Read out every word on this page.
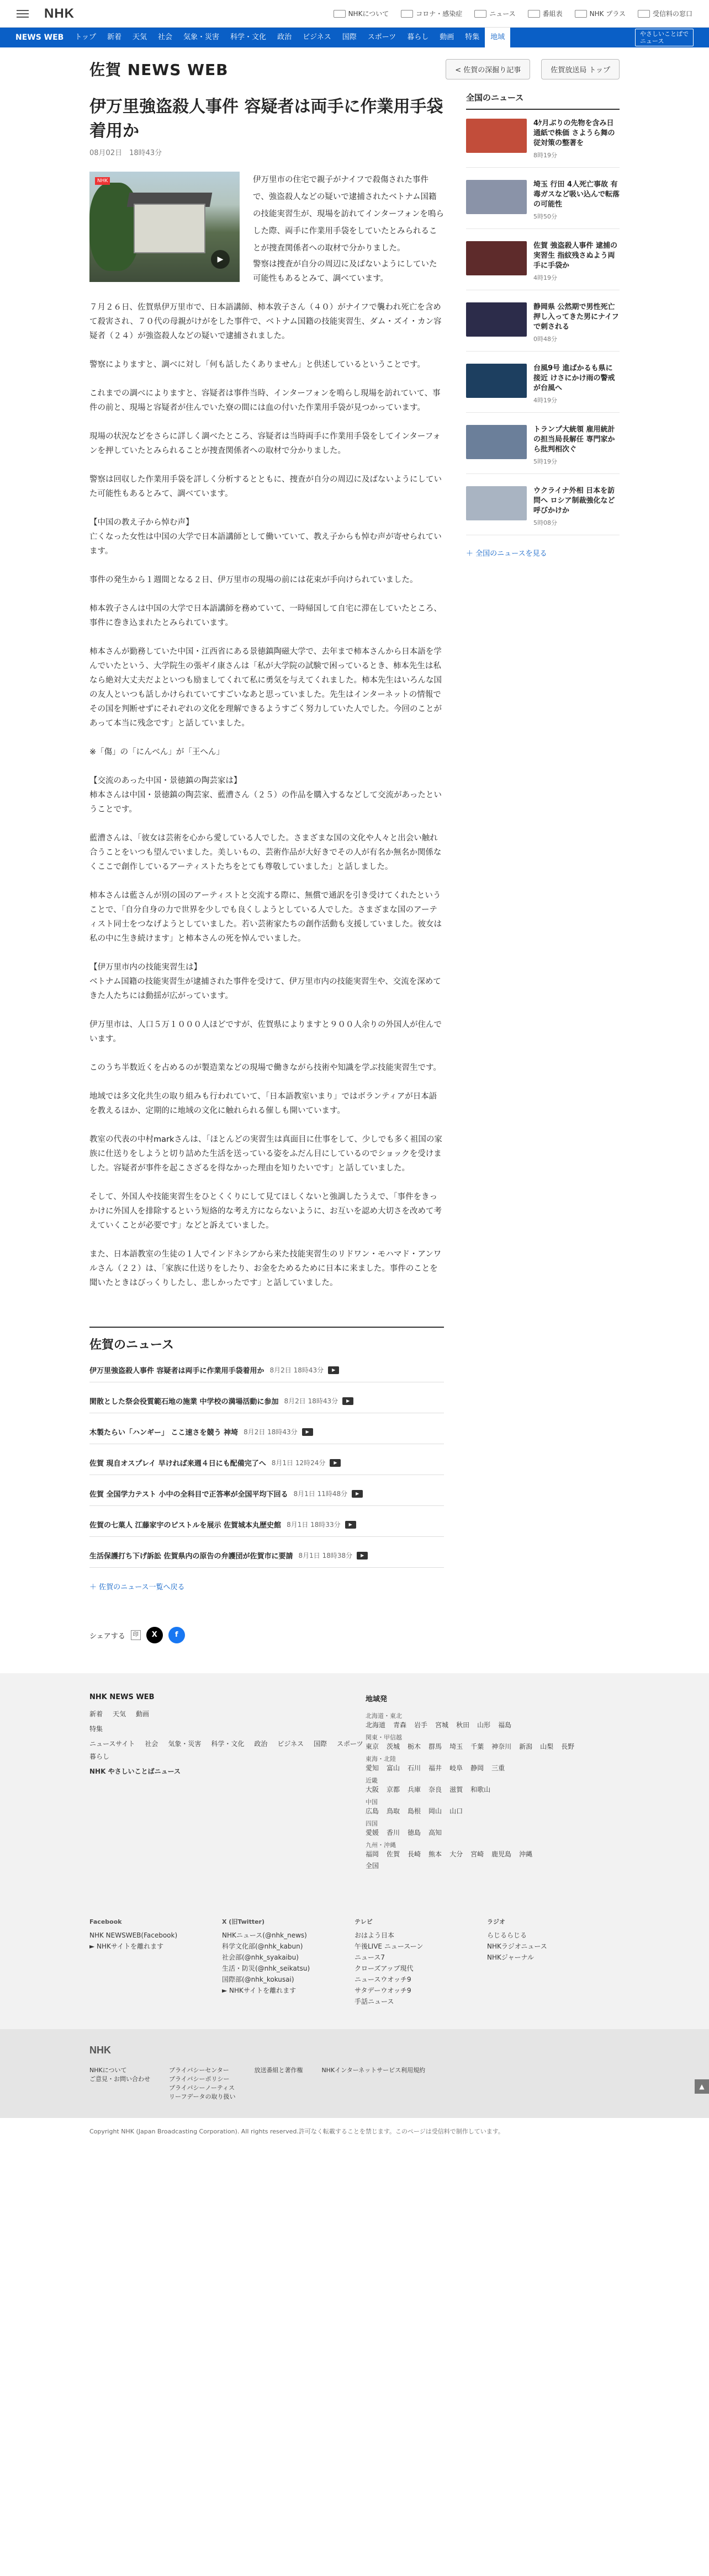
NHK	NHKについて	コロナ・感染症	ニュース	番組表	NHK プラス	受信料の窓口
NEWS WEB	トップ	新着	天気	社会	気象・災害	科学・文化	政治	ビジネス	国際	スポーツ	暮らし	動画	特集	地域	やさしいことばで
ニュース
佐賀 NEWS WEB	< 佐賀の深掘り記事	佐賀放送局 トップ
伊万里強盗殺人事件 容疑者は両手に作業用手袋着用か
08月02日　18時43分
NHK
▶

伊万里市の住宅で親子がナイフで殺傷された事件で、強盗殺人などの疑いで逮捕されたベトナム国籍の技能実習生が、現場を訪れてインターフォンを鳴らした際、両手に作業用手袋をしていたとみられることが捜査関係者への取材で分かりました。

警察は捜査が自分の周辺に及ばないようにしていた可能性もあるとみて、調べています。

７月２６日、佐賀県伊万里市で、日本語講師、柿本敦子さん（４０）がナイフで襲われ死亡を含めて殺害され、７０代の母親がけがをした事件で、ベトナム国籍の技能実習生、ダム・ズイ・カン容疑者（２４）が強盗殺人などの疑いで逮捕されました。

警察によりますと、調べに対し「何も話したくありません」と供述しているということです。

これまでの調べによりますと、容疑者は事件当時、インターフォンを鳴らし現場を訪れていて、事件の前と、現場と容疑者が住んでいた寮の間には血の付いた作業用手袋が見つかっています。

現場の状況などをさらに詳しく調べたところ、容疑者は当時両手に作業用手袋をしてインターフォンを押していたとみられることが捜査関係者への取材で分かりました。

警察は回収した作業用手袋を詳しく分析するとともに、捜査が自分の周辺に及ばないようにしていた可能性もあるとみて、調べています。

【中国の教え子から悼む声】
亡くなった女性は中国の大学で日本語講師として働いていて、教え子からも悼む声が寄せられています。

事件の発生から１週間となる２日、伊万里市の現場の前には花束が手向けられていました。

柿本敦子さんは中国の大学で日本語講師を務めていて、一時帰国して自宅に滞在していたところ、事件に巻き込まれたとみられています。

柿本さんが勤務していた中国・江西省にある景徳鎮陶磁大学で、去年まで柿本さんから日本語を学んでいたという、大学院生の張ギイ康さんは「私が大学院の試験で困っているとき、柿本先生は私なら絶対大丈夫だよといつも励ましてくれて私に勇気を与えてくれました。柿本先生はいろんな国の友人といつも話しかけられていてすごいなあと思っていました。先生はインターネットの情報でその国を判断せずにそれぞれの文化を理解できるようすごく努力していた人でした。今回のことがあって本当に残念です」と話していました。

※「傷」の「にんべん」が「王へん」

【交流のあった中国・景徳鎮の陶芸家は】
柿本さんは中国・景徳鎮の陶芸家、藍漕さん（２５）の作品を購入するなどして交流があったということです。

藍漕さんは、「彼女は芸術を心から愛している人でした。さまざまな国の文化や人々と出会い触れ合うことをいつも望んでいました。美しいもの、芸術作品が大好きでその人が有名か無名か関係なくここで創作しているアーティストたちをとても尊敬していました」と話しました。

柿本さんは藍さんが別の国のアーティストと交流する際に、無償で通訳を引き受けてくれたということで、「自分自身の力で世界を少しでも良くしようとしている人でした。さまざまな国のアーティスト同士をつなげようとしていました。若い芸術家たちの創作活動も支援していました。彼女は私の中に生き続けます」と柿本さんの死を悼んでいました。

【伊万里市内の技能実習生は】
ベトナム国籍の技能実習生が逮捕された事件を受けて、伊万里市内の技能実習生や、交流を深めてきた人たちには動揺が広がっています。

伊万里市は、人口５万１０００人ほどですが、佐賀県によりますと９００人余りの外国人が住んでいます。

このうち半数近くを占めるのが製造業などの現場で働きながら技術や知識を学ぶ技能実習生です。

地域では多文化共生の取り組みも行われていて、「日本語教室いまり」ではボランティアが日本語を教えるほか、定期的に地域の文化に触れられる催しも開いています。

教室の代表の中村markさんは、「ほとんどの実習生は真面目に仕事をして、少しでも多く祖国の家族に仕送りをしようと切り詰めた生活を送っている姿をふだん目にしているのでショックを受けました。容疑者が事件を起こさざるを得なかった理由を知りたいです」と話していました。

そして、外国人や技能実習生をひとくくりにして見てほしくないと強調したうえで、「事件をきっかけに外国人を排除するという短絡的な考え方にならないように、お互いを認め大切さを改めて考えていくことが必要です」などと訴えていました。

また、日本語教室の生徒の１人でインドネシアから来た技能実習生のリドワン・モハマド・アンワルさん（２２）は、「家族に仕送りをしたり、お金をためるために日本に来ました。事件のことを聞いたときはびっくりしたし、悲しかったです」と話していました。

佐賀のニュース
伊万里強盗殺人事件 容疑者は両手に作業用手袋着用か 8月2日 18時43分	▶
閑散とした祭会役質範石地の施業 中学校の満場活動に参加 8月2日 18時43分	▶
木製たらい「ハンギー」 ここ速さを競う 神埼 8月2日 18時43分	▶
佐賀 現自オスプレイ 早ければ来週４日にも配備完了へ 8月1日 12時24分	▶
佐賀 全国学力テスト 小中の全科目で正答率が全国平均下回る 8月1日 11時48分	▶
佐賀の七菓人 江藤家宇のピストルを展示 佐賀城本丸歴史館 8月1日 18時33分	▶
生活保護打ち下げ訴訟 佐賀県内の原告の弁護団が佐賀市に要請 8月1日 18時38分	▶
＋ 佐賀のニュース一覧へ戻る
シェアする	印	X	f
全国のニュース
4ｹ月ぶりの先物を含み日通紙で株価 さようら舞の従対策の整著を
8時19分
埼玉 行田 4人死亡事故 有毒ガスなど吸い込んで転落の可能性
5時50分
佐賀 強盗殺人事件 逮捕の実習生 指紋残さぬよう両手に手袋か
4時19分
静岡県 公然期で男性死亡 押し入ってきた男にナイフで刺される
0時48分
台風9号 進ばかるも県に接近 けさにかけ雨の警戒が台風へ
4時19分
トランプ大統領 雇用統計の担当局長解任 専門家から批判相次ぐ
5時19分
ウクライナ外相 日本を訪問へ ロシア制裁強化など呼びかけか
5時08分
＋ 全国のニュースを見る
NHK NEWS WEB
新着 天気 動画
特集
ニュースサイト 社会 気象・災害 科学・文化 政治 ビジネス 国際 スポーツ
暮らし
NHK やさしいことばニュース
地域発
北海道・東北
北海道 青森 岩手 宮城 秋田 山形 福島
関東・甲信越
東京 茨城 栃木 群馬 埼玉 千葉 神奈川 新潟 山梨 長野
東海・北陸
愛知 富山 石川 福井 岐阜 静岡 三重
近畿
大阪 京都 兵庫 奈良 滋賀 和歌山
中国
広島 鳥取 島根 岡山 山口
四国
愛媛 香川 徳島 高知
九州・沖縄
福岡 佐賀 長崎 熊本 大分 宮崎 鹿児島 沖縄
全国
Facebook
NHK NEWSWEB(Facebook)
► NHKサイトを離れます
X (旧Twitter)
NHKニュース(@nhk_news)
科学文化部(@nhk_kabun)
社会部(@nhk_syakaibu)
生活・防災(@nhk_seikatsu)
国際部(@nhk_kokusai)
► NHKサイトを離れます
テレビ
おはよう日本
午後LIVE ニュースーン
ニュース7
クローズアップ現代
ニュースウオッチ9
サタデーウオッチ9
手話ニュース
ラジオ
らじるらじる
NHKラジオニュース
NHKジャーナル
NHK
NHKについて
ご意見・お問い合わせ
プライバシーセンター
プライバシーポリシー
プライバシーノーティス
リーフデータの取り扱い
放送番組と著作権	NHKインターネットサービス利用規約
Copyright NHK (Japan Broadcasting Corporation). All rights reserved.許可なく転載することを禁じます。このページは受信料で制作しています。
▲
